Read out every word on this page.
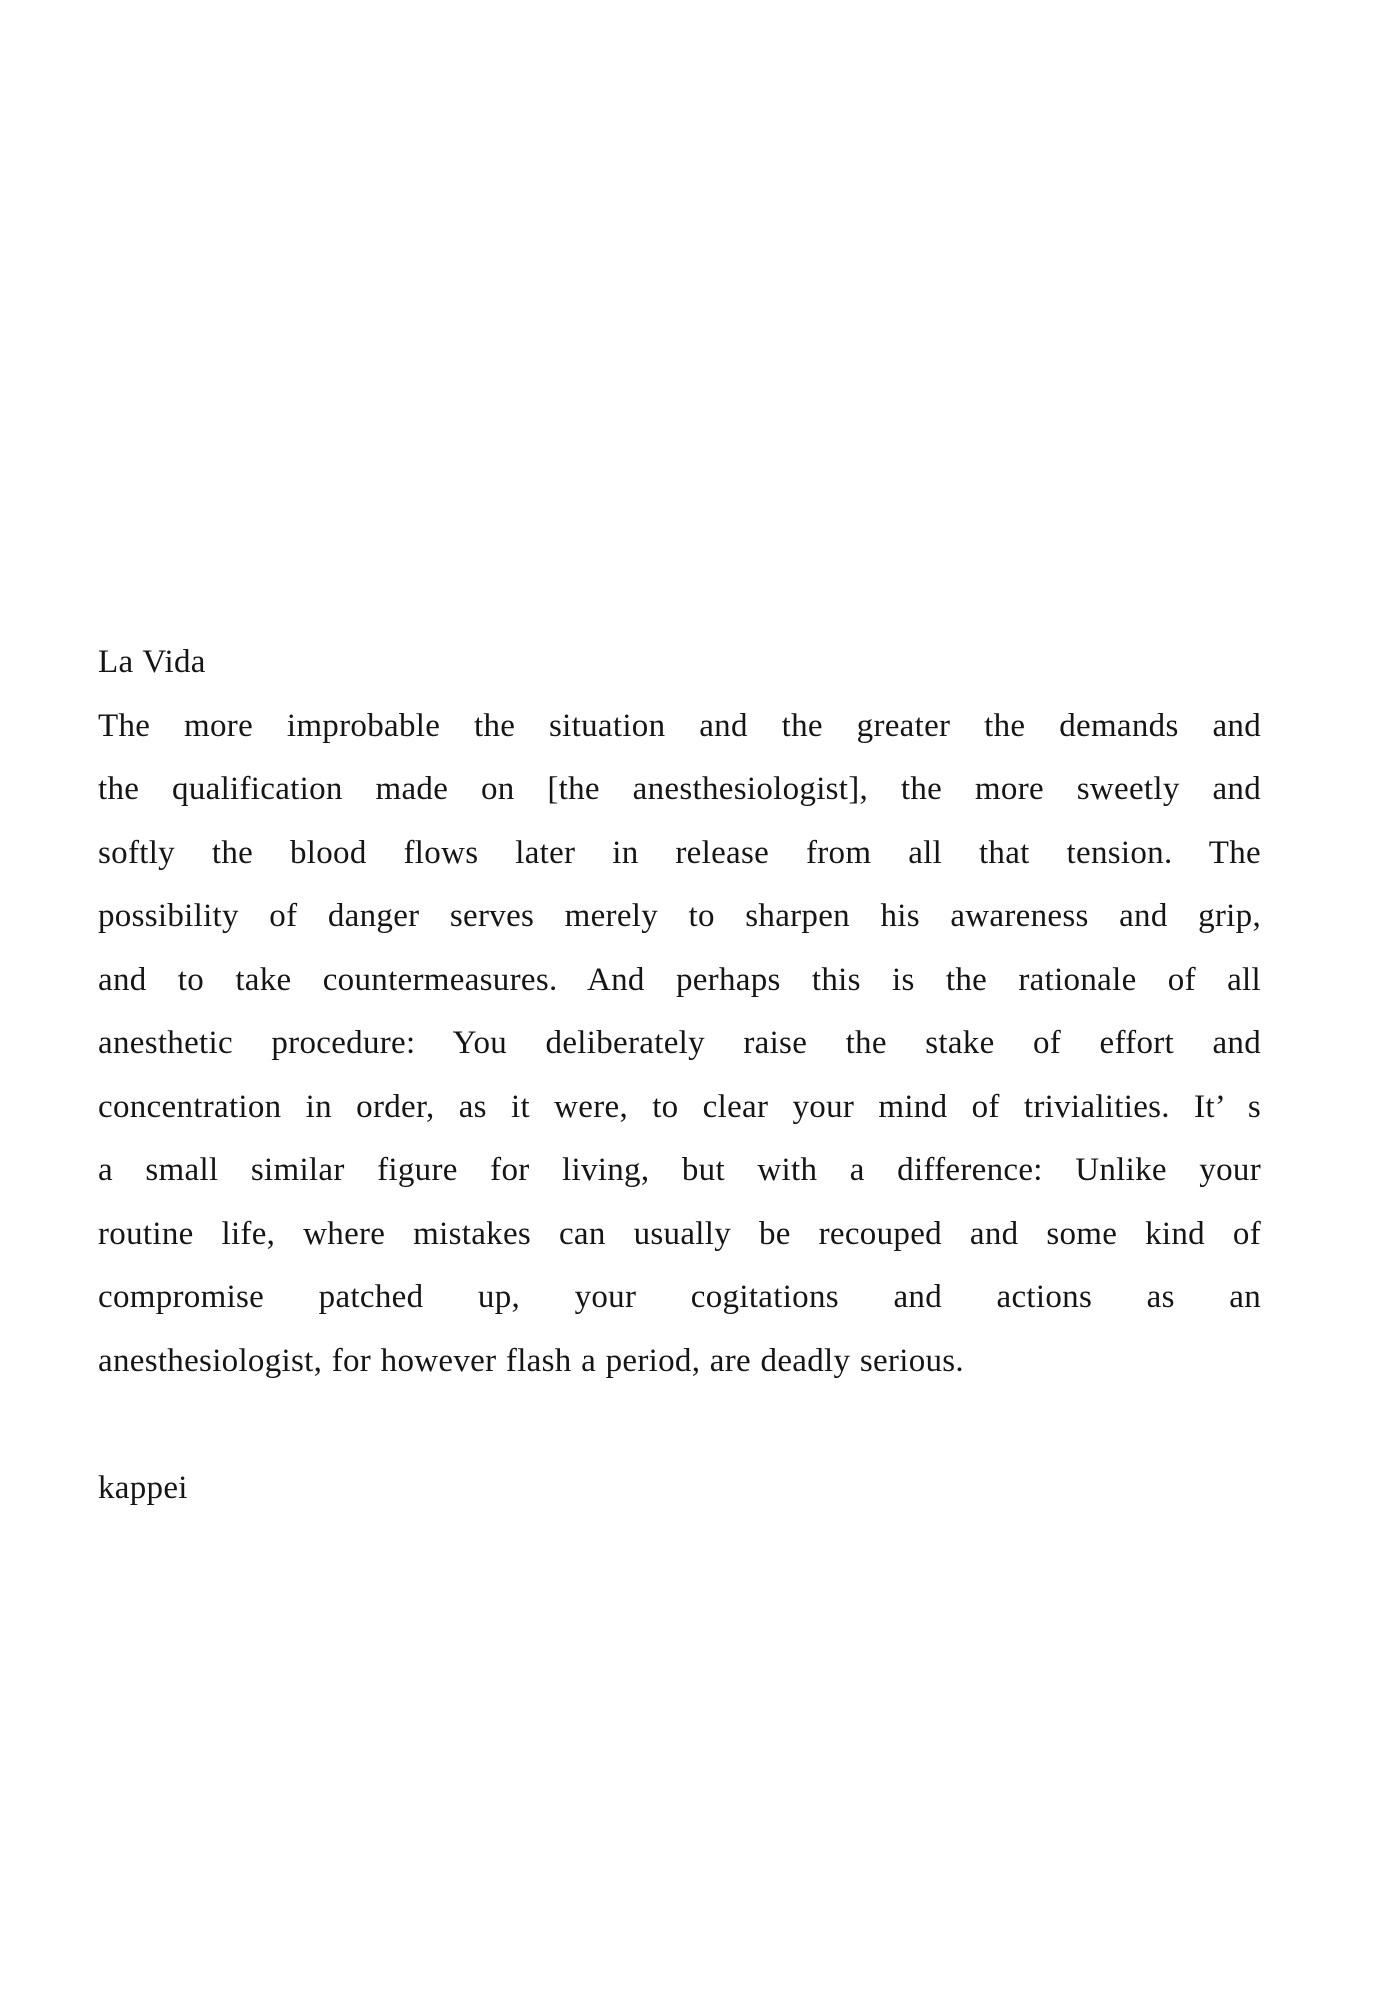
La Vida
The more improbable the situation and the greater the demands and
the qualification made on [the anesthesiologist], the more sweetly and
softly the blood flows later in release from all that tension. The
possibility of danger serves merely to sharpen his awareness and grip,
and to take countermeasures. And perhaps this is the rationale of all
anesthetic procedure: You deliberately raise the stake of effort and
concentration in order, as it were, to clear your mind of trivialities. It’ s
a small similar figure for living, but with a difference: Unlike your
routine life, where mistakes can usually be recouped and some kind of
compromise patched up, your cogitations and actions as an
anesthesiologist, for however flash a period, are deadly serious.
kappei
